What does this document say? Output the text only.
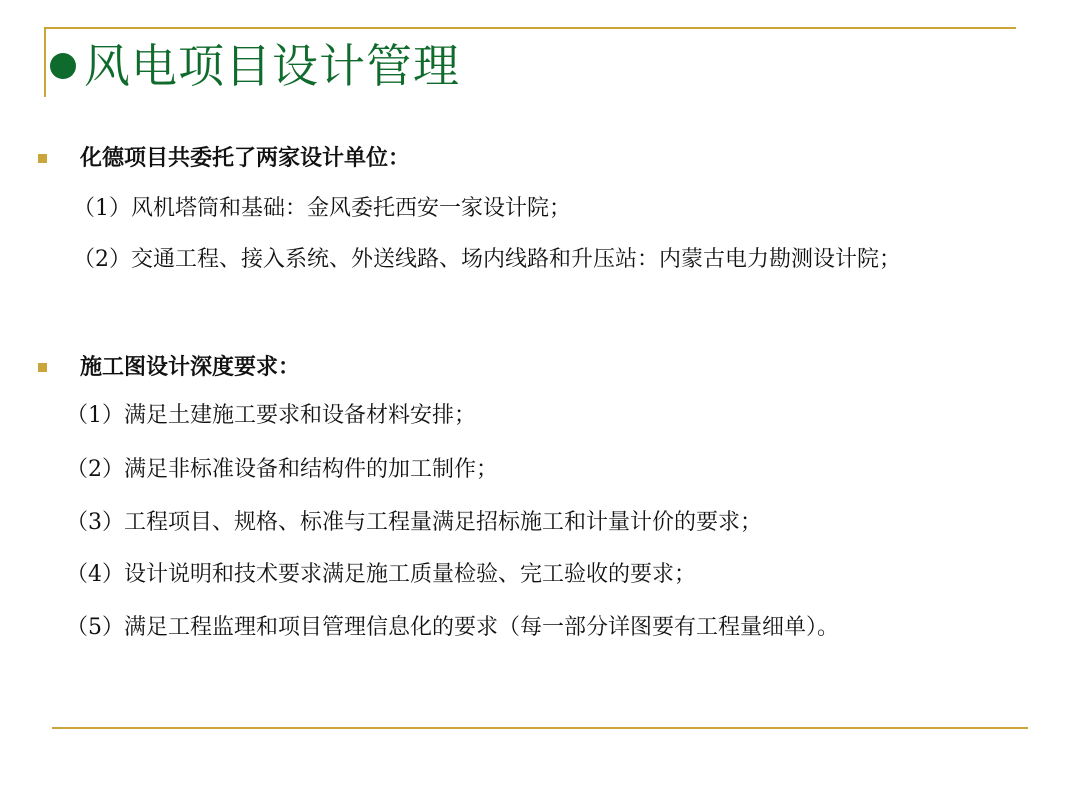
风电项目设计管理
化德项目共委托了两家设计单位：
（1）风机塔筒和基础：金风委托西安一家设计院；
（2）交通工程、接入系统、外送线路、场内线路和升压站：内蒙古电力勘测设计院；
施工图设计深度要求：
（1）满足土建施工要求和设备材料安排；
（2）满足非标准设备和结构件的加工制作；
（3）工程项目、规格、标准与工程量满足招标施工和计量计价的要求；
（4）设计说明和技术要求满足施工质量检验、完工验收的要求；
（5）满足工程监理和项目管理信息化的要求（每一部分详图要有工程量细单）。
